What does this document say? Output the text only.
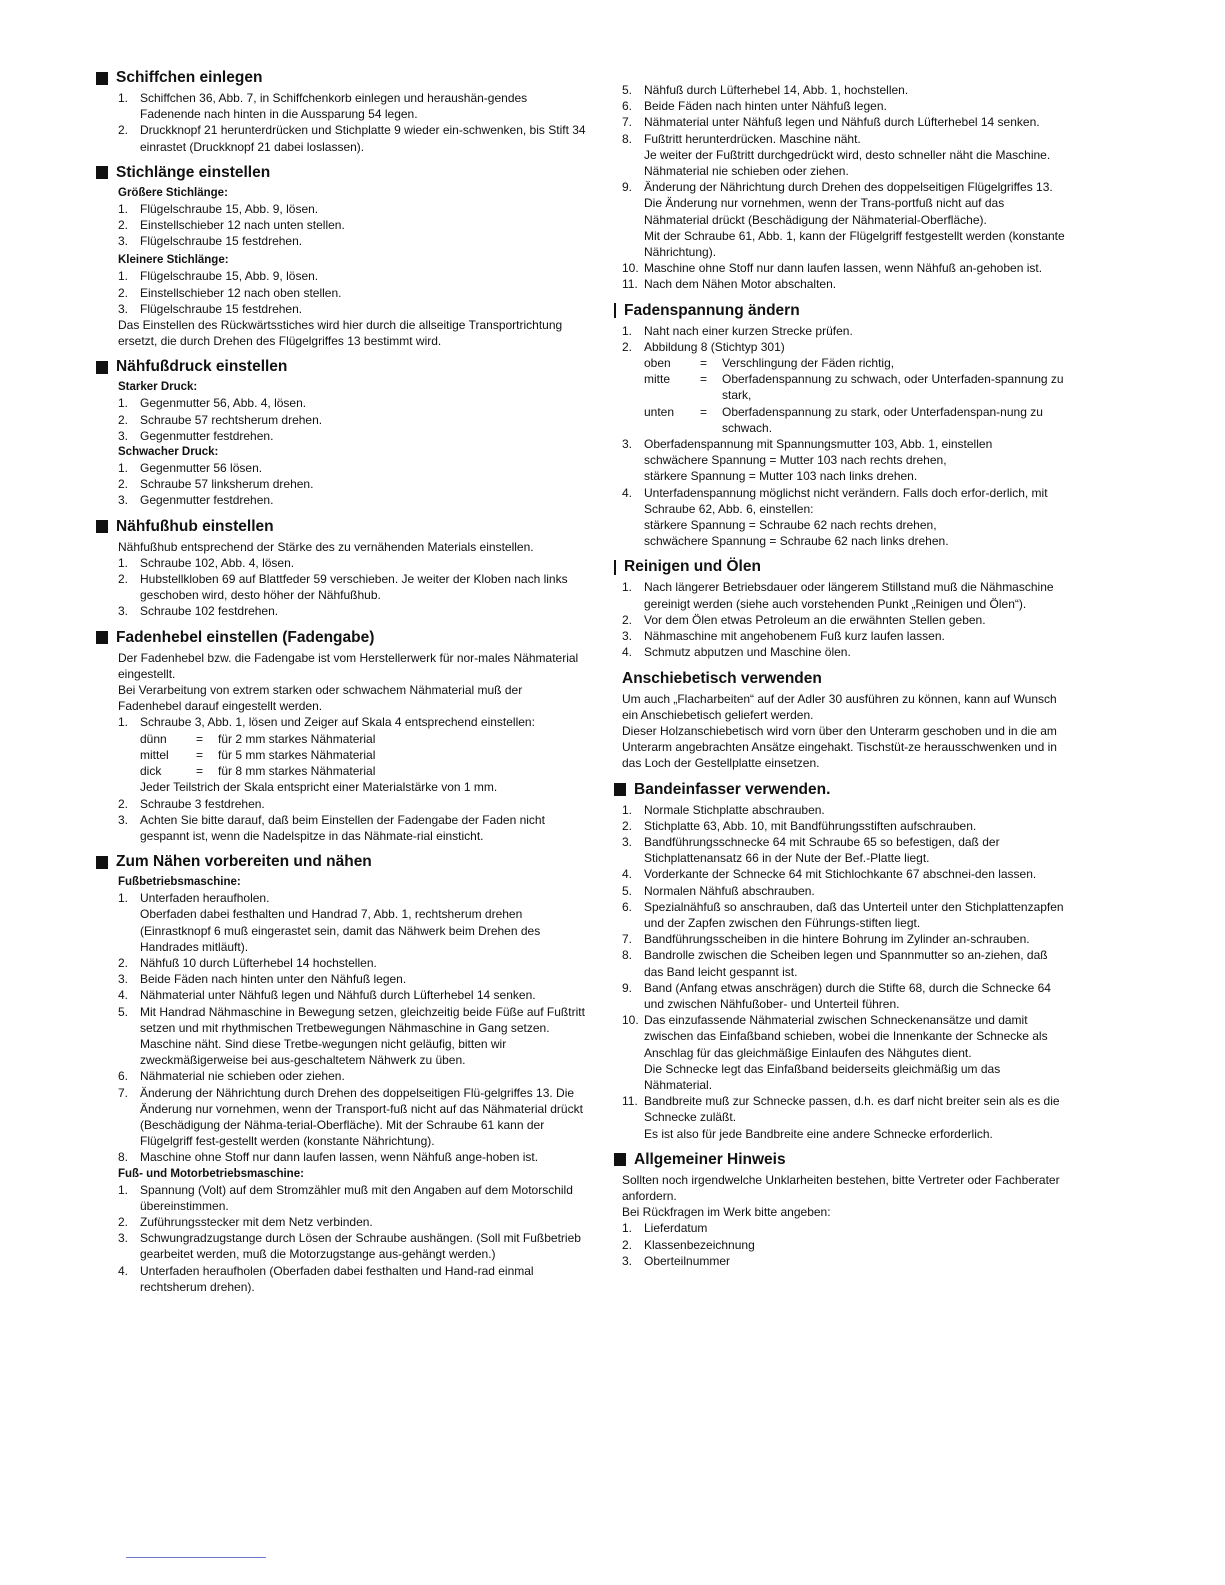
Schiffchen einlegen
1. Schiffchen 36, Abb. 7, in Schiffchenkorb einlegen und heraushän-gendes Fadenende nach hinten in die Aussparung 54 legen.
2. Druckknopf 21 herunterdrücken und Stichplatte 9 wieder ein-schwenken, bis Stift 34 einrastet (Druckknopf 21 dabei loslassen).
Stichlänge einstellen
Größere Stichlänge:
1. Flügelschraube 15, Abb. 9, lösen.
2. Einstellschieber 12 nach unten stellen.
3. Flügelschraube 15 festdrehen.
Kleinere Stichlänge:
1. Flügelschraube 15, Abb. 9, lösen.
2. Einstellschieber 12 nach oben stellen.
3. Flügelschraube 15 festdrehen.

Das Einstellen des Rückwärtsstiches wird hier durch die allseitige Transportrichtung ersetzt, die durch Drehen des Flügelgriffes 13 bestimmt wird.

Nähfußdruck einstellen
Starker Druck:
1. Gegenmutter 56, Abb. 4, lösen.
2. Schraube 57 rechtsherum drehen.
3. Gegenmutter festdrehen.
Schwacher Druck:
1. Gegenmutter 56 lösen.
2. Schraube 57 linksherum drehen.
3. Gegenmutter festdrehen.
Nähfußhub einstellen

Nähfußhub entsprechend der Stärke des zu vernähenden Materials einstellen.

1. Schraube 102, Abb. 4, lösen.
2. Hubstellkloben 69 auf Blattfeder 59 verschieben. Je weiter der Kloben nach links geschoben wird, desto höher der Nähfußhub.
3. Schraube 102 festdrehen.
Fadenhebel einstellen (Fadengabe)

Der Fadenhebel bzw. die Fadengabe ist vom Herstellerwerk für nor-males Nähmaterial eingestellt.

Bei Verarbeitung von extrem starken oder schwachem Nähmaterial muß der Fadenhebel darauf eingestellt werden.

1. Schraube 3, Abb. 1, lösen und Zeiger auf Skala 4 entsprechend einstellen:
dünn	=	für 2 mm starkes Nähmaterial
mittel	=	für 5 mm starkes Nähmaterial
dick	=	für 8 mm starkes Nähmaterial
Jeder Teilstrich der Skala entspricht einer Materialstärke von 1 mm.
2. Schraube 3 festdrehen.
3. Achten Sie bitte darauf, daß beim Einstellen der Fadengabe der Faden nicht gespannt ist, wenn die Nadelspitze in das Nähmate-rial einsticht.
Zum Nähen vorbereiten und nähen
Fußbetriebsmaschine:
1. Unterfaden heraufholen.
Oberfaden dabei festhalten und Handrad 7, Abb. 1, rechtsherum drehen (Einrastknopf 6 muß eingerastet sein, damit das Nähwerk beim Drehen des Handrades mitläuft).
2. Nähfuß 10 durch Lüfterhebel 14 hochstellen.
3. Beide Fäden nach hinten unter den Nähfuß legen.
4. Nähmaterial unter Nähfuß legen und Nähfuß durch Lüfterhebel 14 senken.
5. Mit Handrad Nähmaschine in Bewegung setzen, gleichzeitig beide Füße auf Fußtritt setzen und mit rhythmischen Tretbewegungen Nähmaschine in Gang setzen. Maschine näht. Sind diese Tretbe-wegungen nicht geläufig, bitten wir zweckmäßigerweise bei aus-geschaltetem Nähwerk zu üben.
6. Nähmaterial nie schieben oder ziehen.
7. Änderung der Nährichtung durch Drehen des doppelseitigen Flü-gelgriffes 13. Die Änderung nur vornehmen, wenn der Transport-fuß nicht auf das Nähmaterial drückt (Beschädigung der Nähma-terial-Oberfläche). Mit der Schraube 61 kann der Flügelgriff fest-gestellt werden (konstante Nährichtung).
8. Maschine ohne Stoff nur dann laufen lassen, wenn Nähfuß ange-hoben ist.
Fuß- und Motorbetriebsmaschine:
1. Spannung (Volt) auf dem Stromzähler muß mit den Angaben auf dem Motorschild übereinstimmen.
2. Zuführungsstecker mit dem Netz verbinden.
3. Schwungradzugstange durch Lösen der Schraube aushängen. (Soll mit Fußbetrieb gearbeitet werden, muß die Motorzugstange aus-gehängt werden.)
4. Unterfaden heraufholen (Oberfaden dabei festhalten und Hand-rad einmal rechtsherum drehen).
5. Nähfuß durch Lüfterhebel 14, Abb. 1, hochstellen.
6. Beide Fäden nach hinten unter Nähfuß legen.
7. Nähmaterial unter Nähfuß legen und Nähfuß durch Lüfterhebel 14 senken.
8. Fußtritt herunterdrücken. Maschine näht.
Je weiter der Fußtritt durchgedrückt wird, desto schneller näht die Maschine.
Nähmaterial nie schieben oder ziehen.
9. Änderung der Nährichtung durch Drehen des doppelseitigen Flügelgriffes 13. Die Änderung nur vornehmen, wenn der Trans-portfuß nicht auf das Nähmaterial drückt (Beschädigung der Nähmaterial-Oberfläche).
Mit der Schraube 61, Abb. 1, kann der Flügelgriff festgestellt werden (konstante Nährichtung).
10. Maschine ohne Stoff nur dann laufen lassen, wenn Nähfuß an-gehoben ist.
11. Nach dem Nähen Motor abschalten.
Fadenspannung ändern
1. Naht nach einer kurzen Strecke prüfen.
2. Abbildung 8 (Stichtyp 301)
oben	=	Verschlingung der Fäden richtig,
mitte	=	Oberfadenspannung zu schwach, oder Unterfaden-spannung zu stark,
unten	=	Oberfadenspannung zu stark, oder Unterfadenspan-nung zu schwach.
3. Oberfadenspannung mit Spannungsmutter 103, Abb. 1, einstellen
schwächere Spannung = Mutter 103 nach rechts drehen,
stärkere Spannung = Mutter 103 nach links drehen.
4. Unterfadenspannung möglichst nicht verändern. Falls doch erfor-derlich, mit Schraube 62, Abb. 6, einstellen:
stärkere Spannung = Schraube 62 nach rechts drehen,
schwächere Spannung = Schraube 62 nach links drehen.
Reinigen und Ölen
1. Nach längerer Betriebsdauer oder längerem Stillstand muß die Nähmaschine gereinigt werden (siehe auch vorstehenden Punkt „Reinigen und Ölen“).
2. Vor dem Ölen etwas Petroleum an die erwähnten Stellen geben.
3. Nähmaschine mit angehobenem Fuß kurz laufen lassen.
4. Schmutz abputzen und Maschine ölen.
Anschiebetisch verwenden

Um auch „Flacharbeiten“ auf der Adler 30 ausführen zu können, kann auf Wunsch ein Anschiebetisch geliefert werden.

Dieser Holzanschiebetisch wird vorn über den Unterarm geschoben und in die am Unterarm angebrachten Ansätze eingehakt. Tischstüt-ze herausschwenken und in das Loch der Gestellplatte einsetzen.

Bandeinfasser verwenden.
1. Normale Stichplatte abschrauben.
2. Stichplatte 63, Abb. 10, mit Bandführungsstiften aufschrauben.
3. Bandführungsschnecke 64 mit Schraube 65 so befestigen, daß der Stichplattenansatz 66 in der Nute der Bef.-Platte liegt.
4. Vorderkante der Schnecke 64 mit Stichlochkante 67 abschnei-den lassen.
5. Normalen Nähfuß abschrauben.
6. Spezialnähfuß so anschrauben, daß das Unterteil unter den Stichplattenzapfen und der Zapfen zwischen den Führungs-stiften liegt.
7. Bandführungsscheiben in die hintere Bohrung im Zylinder an-schrauben.
8. Bandrolle zwischen die Scheiben legen und Spannmutter so an-ziehen, daß das Band leicht gespannt ist.
9. Band (Anfang etwas anschrägen) durch die Stifte 68, durch die Schnecke 64 und zwischen Nähfußober- und Unterteil führen.
10. Das einzufassende Nähmaterial zwischen Schneckenansätze und damit zwischen das Einfaßband schieben, wobei die Innenkante der Schnecke als Anschlag für das gleichmäßige Einlaufen des Nähgutes dient.
Die Schnecke legt das Einfaßband beiderseits gleichmäßig um das Nähmaterial.
11. Bandbreite muß zur Schnecke passen, d.h. es darf nicht breiter sein als es die Schnecke zuläßt.
Es ist also für jede Bandbreite eine andere Schnecke erforderlich.
Allgemeiner Hinweis

Sollten noch irgendwelche Unklarheiten bestehen, bitte Vertreter oder Fachberater anfordern.

Bei Rückfragen im Werk bitte angeben:

1. Lieferdatum
2. Klassenbezeichnung
3. Oberteilnummer
